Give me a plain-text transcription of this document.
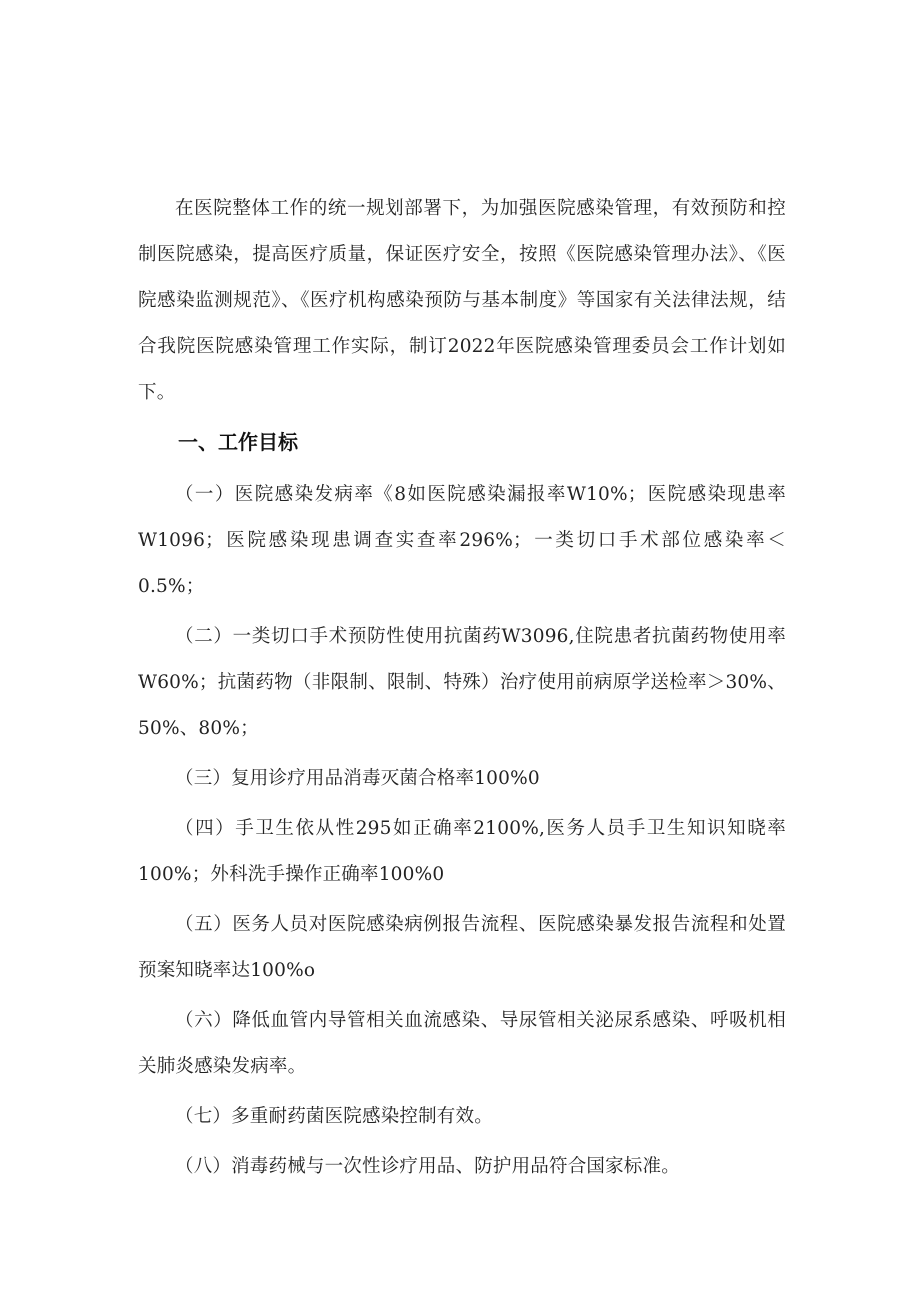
在医院整体工作的统一规划部署下，为加强医院感染管理，有效预防和控制医院感染，提高医疗质量，保证医疗安全，按照《医院感染管理办法》、《医院感染监测规范》、《医疗机构感染预防与基本制度》等国家有关法律法规，结合我院医院感染管理工作实际，制订2022年医院感染管理委员会工作计划如下。

一、工作目标

（一）医院感染发病率《8如医院感染漏报率W10%；医院感染现患率W1096；医院感染现患调查实查率296%；一类切口手术部位感染率＜0.5%；

（二）一类切口手术预防性使用抗菌药W3096,住院患者抗菌药物使用率W60%；抗菌药物（非限制、限制、特殊）治疗使用前病原学送检率＞30%、50%、80%；

（三）复用诊疗用品消毒灭菌合格率100%0

（四）手卫生依从性295如正确率2100%,医务人员手卫生知识知晓率100%；外科洗手操作正确率100%0

（五）医务人员对医院感染病例报告流程、医院感染暴发报告流程和处置预案知晓率达100%o

（六）降低血管内导管相关血流感染、导尿管相关泌尿系感染、呼吸机相关肺炎感染发病率。

（七）多重耐药菌医院感染控制有效。

（八）消毒药械与一次性诊疗用品、防护用品符合国家标准。
